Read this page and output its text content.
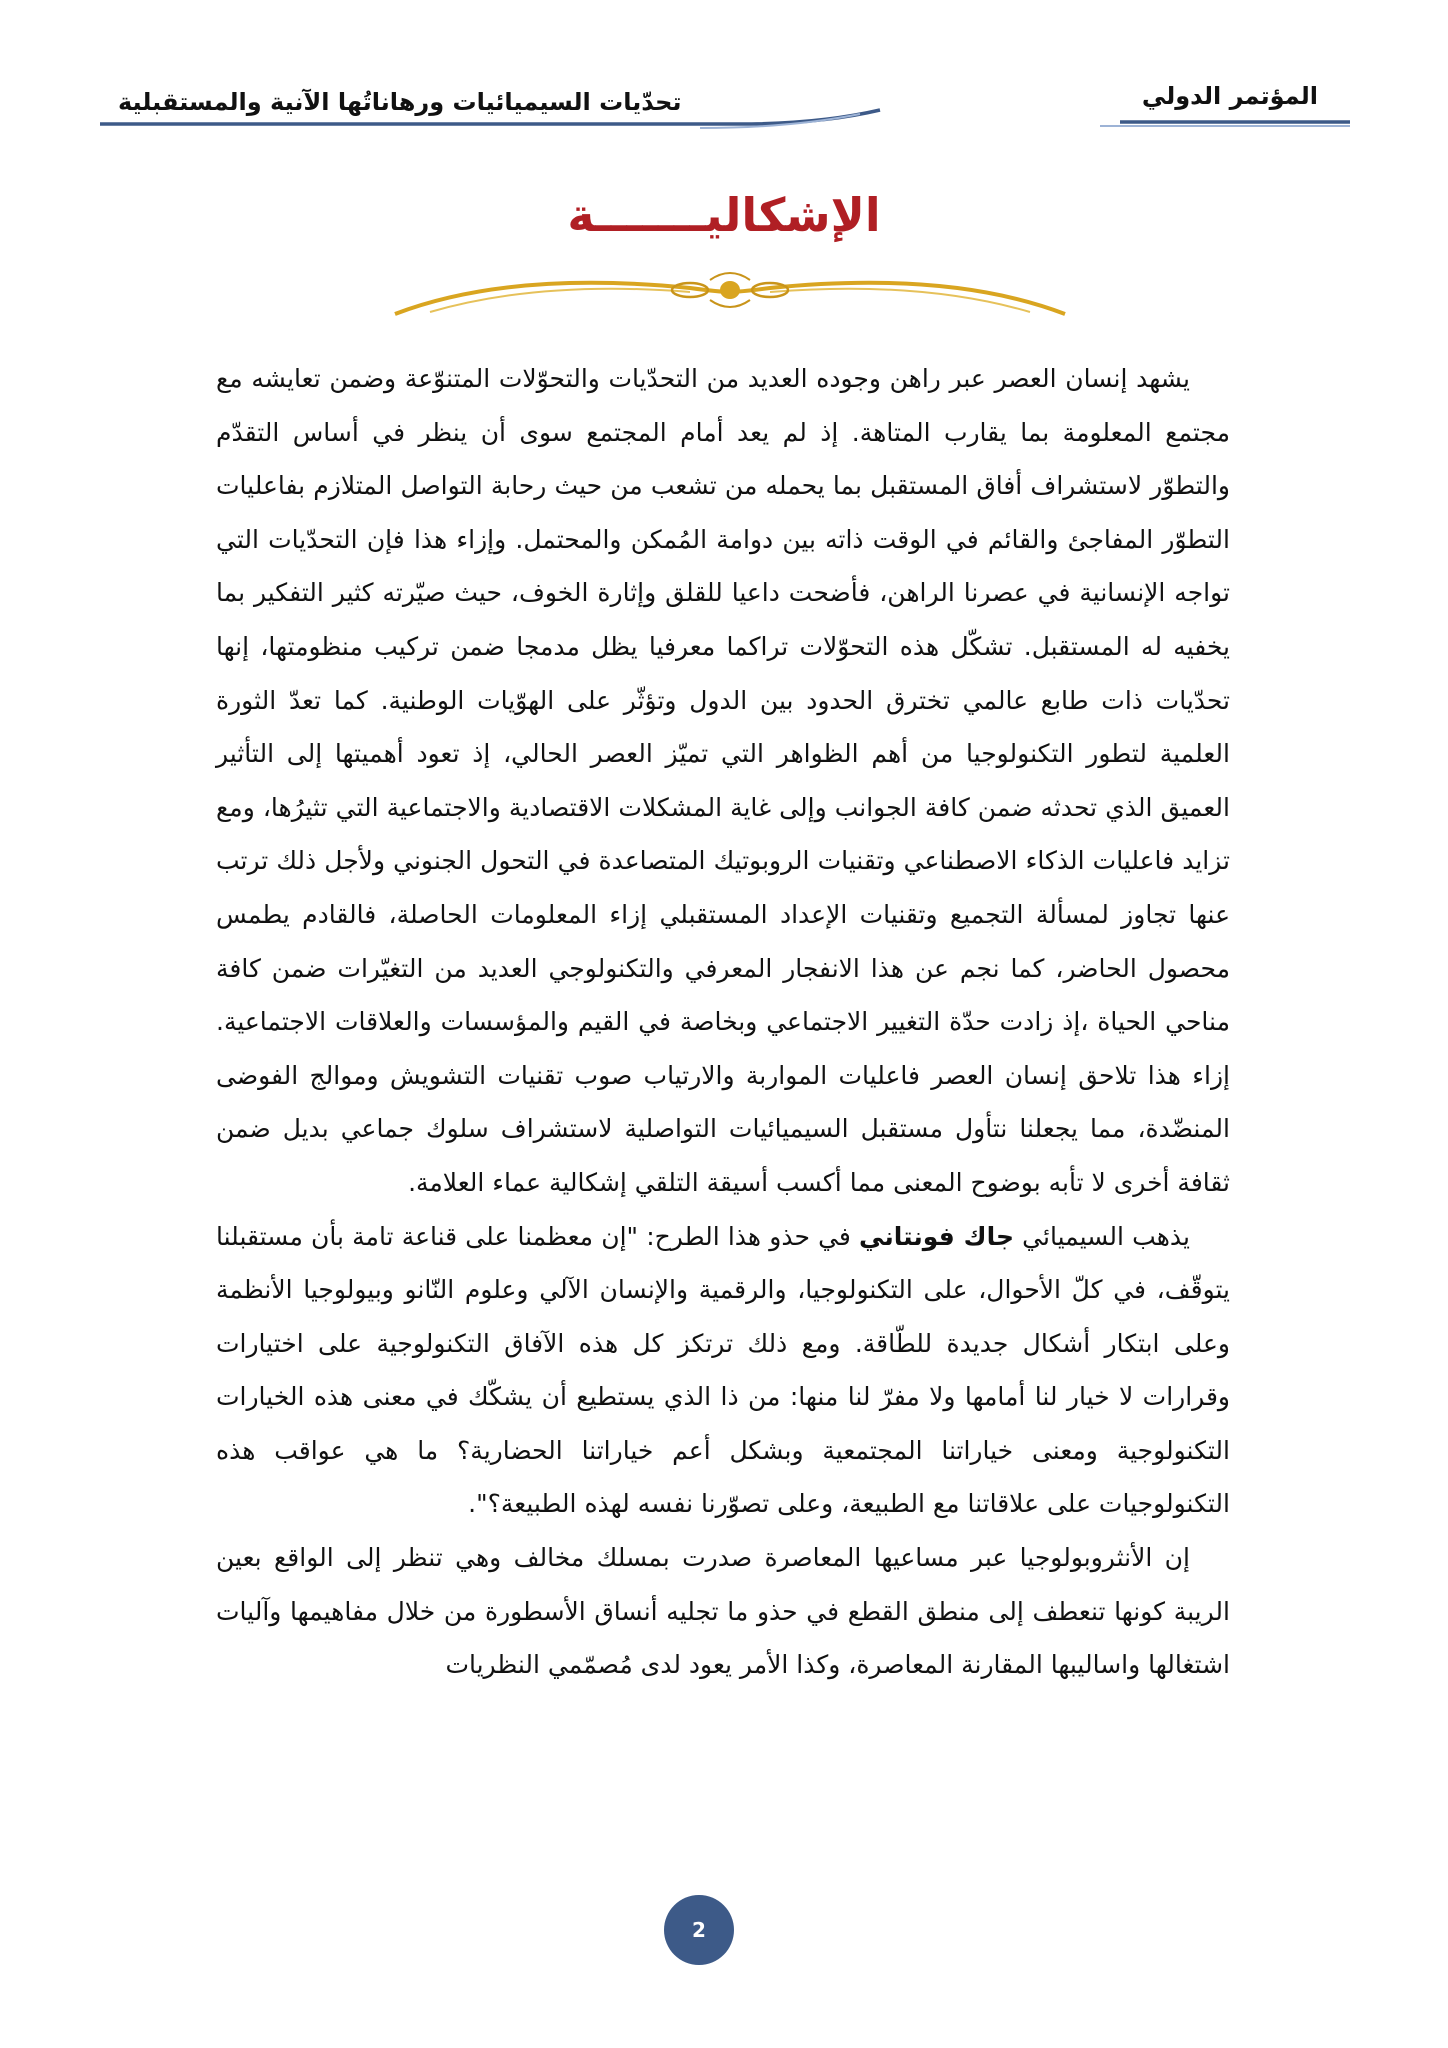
المؤتمر الدولي
تحدّيات السيميائيات ورهاناتُها الآنية والمستقبلية
الإشكاليـــــــة

يشهد إنسان العصر عبر راهن وجوده العديد من التحدّيات والتحوّلات المتنوّعة وضمن تعايشه مع مجتمع المعلومة بما يقارب المتاهة. إذ لم يعد أمام المجتمع سوى أن ينظر في أساس التقدّم والتطوّر لاستشراف أفاق المستقبل بما يحمله من تشعب من حيث رحابة التواصل المتلازم بفاعليات التطوّر المفاجئ والقائم في الوقت ذاته بين دوامة المُمكن والمحتمل. وإزاء هذا فإن التحدّيات التي تواجه الإنسانية في عصرنا الراهن، فأضحت داعيا للقلق وإثارة الخوف، حيث صيّرته كثير التفكير بما يخفيه له المستقبل. تشكّل هذه التحوّلات تراكما معرفيا يظل مدمجا ضمن تركيب منظومتها، إنها تحدّيات ذات طابع عالمي تخترق الحدود بين الدول وتؤثّر على الهوّيات الوطنية. كما تعدّ الثورة العلمية لتطور التكنولوجيا من أهم الظواهر التي تميّز العصر الحالي، إذ تعود أهميتها إلى التأثير العميق الذي تحدثه ضمن كافة الجوانب وإلى غاية المشكلات الاقتصادية والاجتماعية التي تثيرُها، ومع تزايد فاعليات الذكاء الاصطناعي وتقنيات الروبوتيك المتصاعدة في التحول الجنوني ولأجل ذلك ترتب عنها تجاوز لمسألة التجميع وتقنيات الإعداد المستقبلي إزاء المعلومات الحاصلة، فالقادم يطمس محصول الحاضر، كما نجم عن هذا الانفجار المعرفي والتكنولوجي العديد من التغيّرات ضمن كافة مناحي الحياة ،إذ زادت حدّة التغيير الاجتماعي وبخاصة في القيم والمؤسسات والعلاقات الاجتماعية. إزاء هذا تلاحق إنسان العصر فاعليات المواربة والارتياب صوب تقنيات التشويش وموالج الفوضى المنضّدة، مما يجعلنا نتأول مستقبل السيميائيات التواصلية لاستشراف سلوك جماعي بديل ضمن ثقافة أخرى لا تأبه بوضوح المعنى مما أكسب أسيقة التلقي إشكالية عماء العلامة.

يذهب السيميائي جاك فونتاني في حذو هذا الطرح: "إن معظمنا على قناعة تامة بأن مستقبلنا يتوقّف، في كلّ الأحوال، على التكنولوجيا، والرقمية والإنسان الآلي وعلوم النّانو وبيولوجيا الأنظمة وعلى ابتكار أشكال جديدة للطّاقة. ومع ذلك ترتكز كل هذه الآفاق التكنولوجية على اختيارات وقرارات لا خيار لنا أمامها ولا مفرّ لنا منها: من ذا الذي يستطيع أن يشكّك في معنى هذه الخيارات التكنولوجية ومعنى خياراتنا المجتمعية وبشكل أعم خياراتنا الحضارية؟ ما هي عواقب هذه التكنولوجيات على علاقاتنا مع الطبيعة، وعلى تصوّرنا نفسه لهذه الطبيعة؟".

إن الأنثروبولوجيا عبر مساعيها المعاصرة صدرت بمسلك مخالف وهي تنظر إلى الواقع بعين الريبة كونها تنعطف إلى منطق القطع في حذو ما تجليه أنساق الأسطورة من خلال مفاهيمها وآليات اشتغالها واساليبها المقارنة المعاصرة، وكذا الأمر يعود لدى مُصمّمي النظريات

2
